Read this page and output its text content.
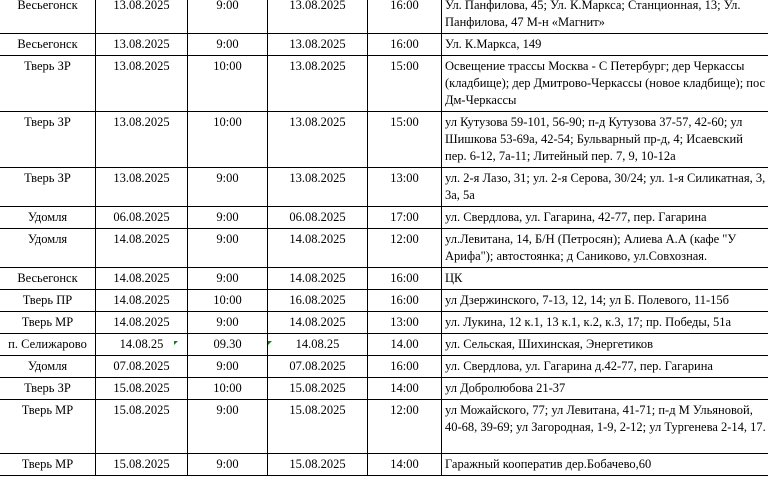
Весьегонск	13.08.2025	9:00	13.08.2025	16:00	Ул. Панфилова, 45; Ул. К.Маркса; Станционная, 13; Ул. Панфилова, 47 М-н «Магнит»
Весьегонск	13.08.2025	9:00	13.08.2025	16:00	Ул. К.Маркса, 149
Тверь ЗР	13.08.2025	10:00	13.08.2025	15:00	Освещение трассы Москва - С Петербург; дер Черкассы (кладбище); дер Дмитрово-Черкассы (новое кладбище); пос Дм-Черкассы
Тверь ЗР	13.08.2025	10:00	13.08.2025	15:00	ул Кутузова 59-101, 56-90; п-д Кутузова 37-57, 42-60; ул Шишкова 53-69а, 42-54; Бульварный пр-д, 4; Исаевский пер. 6-12, 7а-11; Литейный пер. 7, 9, 10-12а
Тверь ЗР	13.08.2025	9:00	13.08.2025	13:00	ул. 2-я Лазо, 31; ул. 2-я Серова, 30/24; ул. 1-я Силикатная, 3, 3а, 5а
Удомля	06.08.2025	9:00	06.08.2025	17:00	ул. Свердлова, ул. Гагарина, 42-77, пер. Гагарина
Удомля	14.08.2025	9:00	14.08.2025	12:00	ул.Левитана, 14, Б/Н (Петросян); Алиева А.А (кафе "У Арифа"); автостоянка; д Саниково, ул.Совхозная.
Весьегонск	14.08.2025	9:00	14.08.2025	16:00	ЦК
Тверь ПР	14.08.2025	10:00	16.08.2025	16:00	ул Дзержинского, 7-13, 12, 14; ул Б. Полевого, 11-15б
Тверь МР	14.08.2025	9:00	14.08.2025	13:00	ул. Лукина, 12 к.1, 13 к.1, к.2, к.3, 17; пр. Победы, 51а
п. Селижарово	14.08.25	09.30	14.08.25	14.00	ул. Сельская, Шихинская, Энергетиков
Удомля	07.08.2025	9:00	07.08.2025	16:00	ул. Свердлова, ул. Гагарина д.42-77, пер. Гагарина
Тверь ЗР	15.08.2025	10:00	15.08.2025	14:00	ул Добролюбова 21-37
Тверь МР	15.08.2025	9:00	15.08.2025	12:00	ул Можайского, 77; ул Левитана, 41-71; п-д М Ульяновой, 40-68, 39-69; ул Загородная, 1-9, 2-12; ул Тургенева 2-14, 17.
Тверь МР	15.08.2025	9:00	15.08.2025	14:00	Гаражный кооператив дер.Бобачево,60
